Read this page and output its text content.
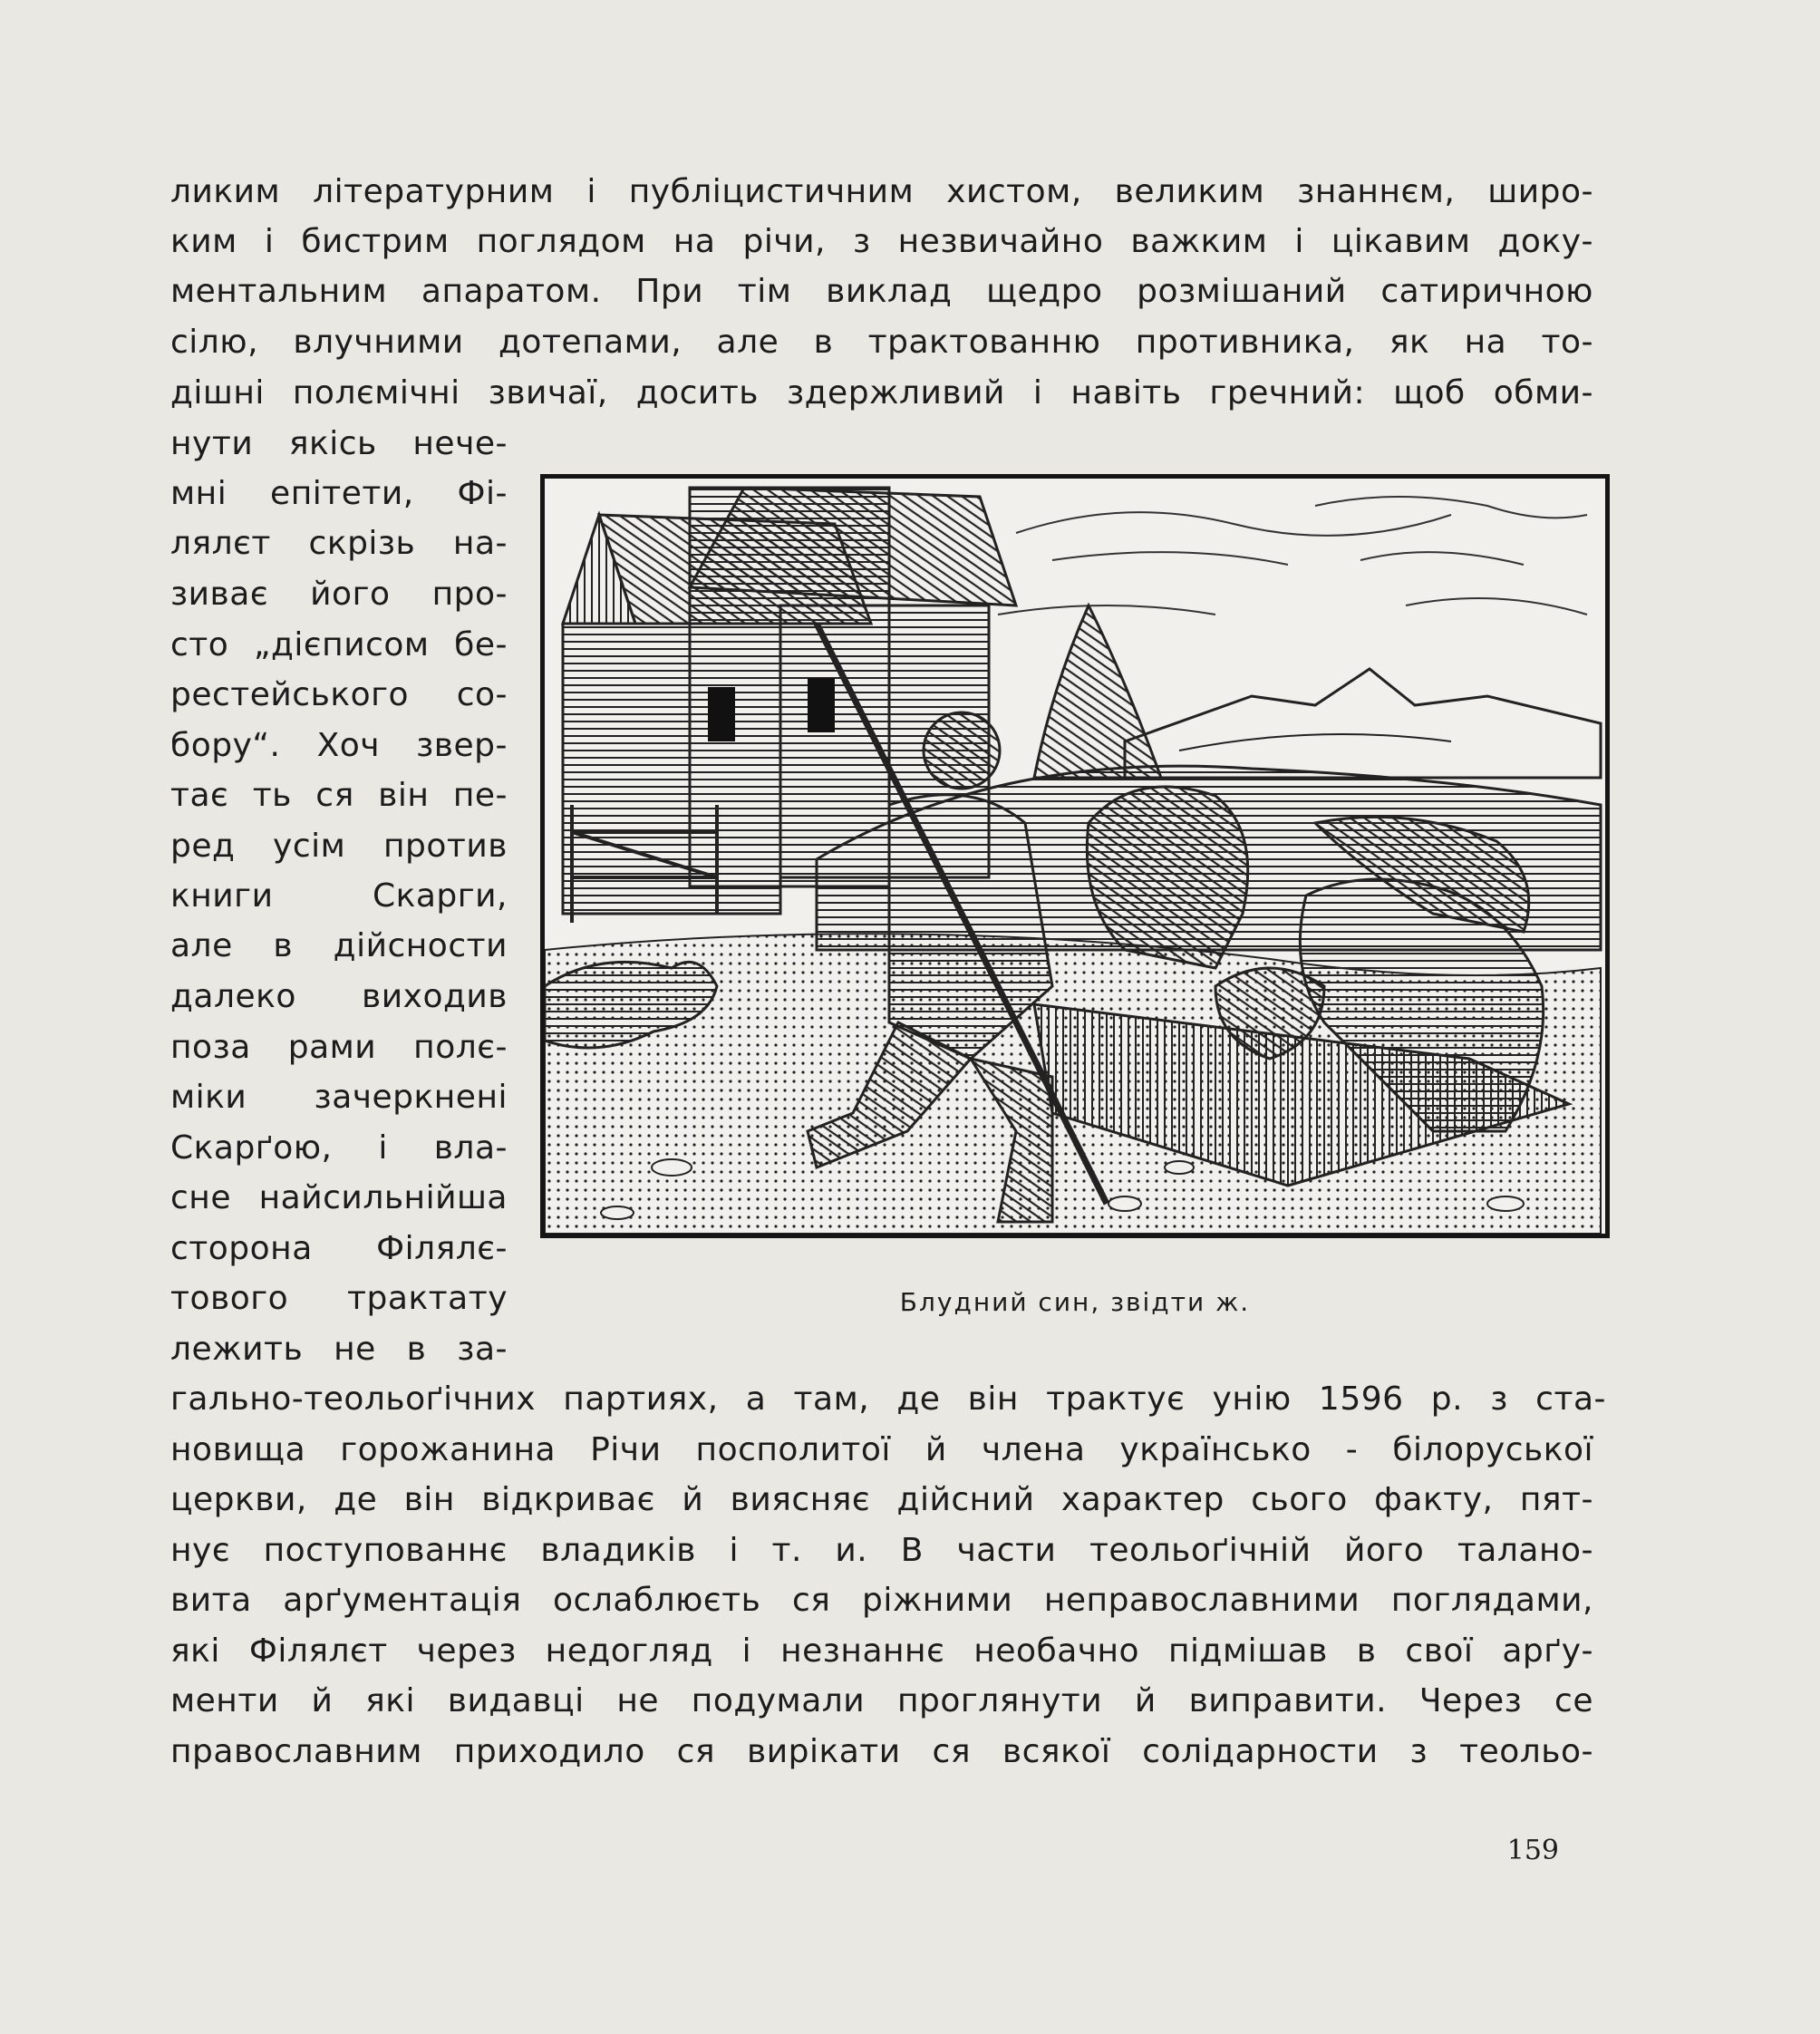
ликим літературним і публіцистичним хистом, великим знаннєм, широ-
ким і бистрим поглядом на річи, з незвичайно важким і цікавим доку-
ментальним апаратом. При тім виклад щедро розмішаний сатиричною
сілю, влучними дотепами, але в трактованню противника, як на то-
дішні полємічні звичаї, досить здержливий і навіть гречний: щоб обми-
нути якісь нече-
мні епітети, Фі-
лялєт скрізь на-
зиває його про-
сто „дієписом бе-
рестейського со-
бору“. Хоч звер-
тає ть ся він пе-
ред усім против
книги Скарги,
але в дійсности
далеко виходив
поза рами полє-
міки зачеркнені
Скарґою, і вла-
сне найсильнійша
сторона Філялє-
тового трактату
лежить не в за-
Блудний син, звідти ж.
гально-теольоґічних партиях, а там, де він трактує унію 1596 р. з ста-
новища горожанина Річи посполитої й члена українсько - білоруської
церкви, де він відкриває й виясняє дійсний характер сього факту, пят-
нує поступованнє владиків і т. и. В части теольоґічній його талано-
вита арґументація ослаблюєть ся ріжними неправославними поглядами,
які Філялєт через недогляд і незнаннє необачно підмішав в свої арґу-
менти й які видавці не подумали проглянути й виправити. Через се
православним приходило ся вирікати ся всякої солідарности з теольо-
159
